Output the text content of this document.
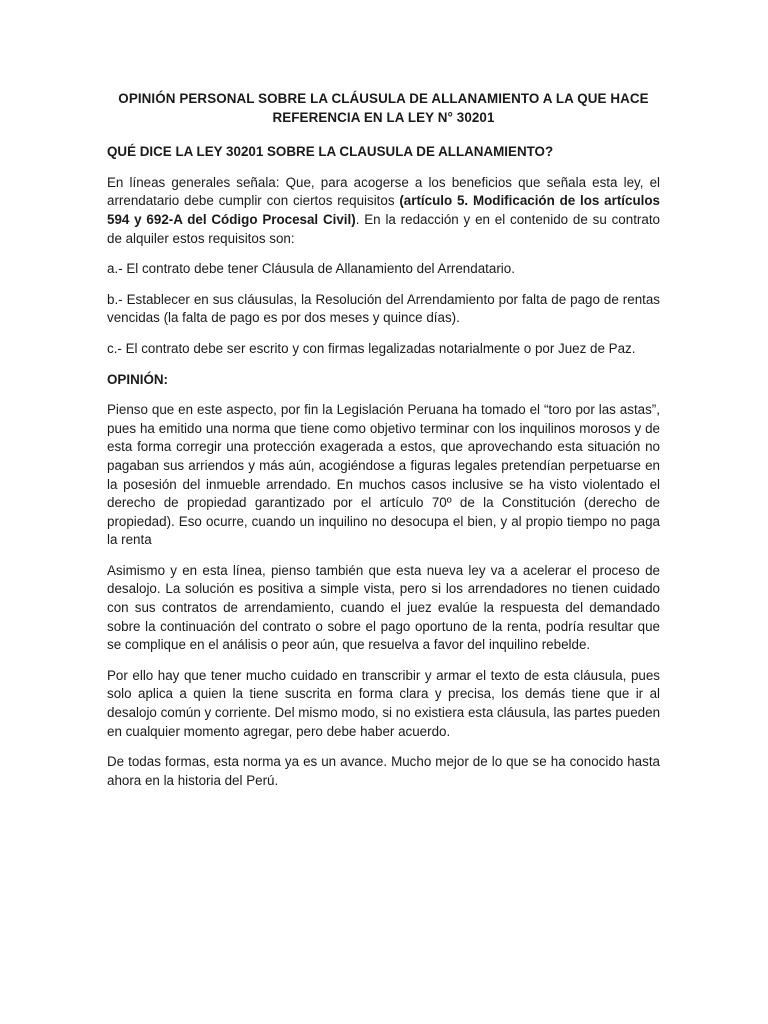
OPINIÓN PERSONAL SOBRE LA CLÁUSULA DE ALLANAMIENTO A LA QUE HACE REFERENCIA EN LA LEY N° 30201

QUÉ DICE LA LEY 30201 SOBRE LA CLAUSULA DE ALLANAMIENTO?

En líneas generales señala: Que, para acogerse a los beneficios que señala esta ley, el arrendatario debe cumplir con ciertos requisitos (artículo 5. Modificación de los artículos 594 y 692-A del Código Procesal Civil). En la redacción y en el contenido de su contrato de alquiler estos requisitos son:

a.- El contrato debe tener Cláusula de Allanamiento del Arrendatario.

b.- Establecer en sus cláusulas, la Resolución del Arrendamiento por falta de pago de rentas vencidas (la falta de pago es por dos meses y quince días).

c.- El contrato debe ser escrito y con firmas legalizadas notarialmente o por Juez de Paz.

OPINIÓN:

Pienso que en este aspecto, por fin la Legislación Peruana ha tomado el “toro por las astas”, pues ha emitido una norma que tiene como objetivo terminar con los inquilinos morosos y de esta forma corregir una protección exagerada a estos, que aprovechando esta situación no pagaban sus arriendos y más aún, acogiéndose a figuras legales pretendían perpetuarse en la posesión del inmueble arrendado. En muchos casos inclusive se ha visto violentado el derecho de propiedad garantizado por el artículo 70º de la Constitución (derecho de propiedad). Eso ocurre, cuando un inquilino no desocupa el bien, y al propio tiempo no paga la renta

Asimismo y en esta línea, pienso también que esta nueva ley va a acelerar el proceso de desalojo. La solución es positiva a simple vista, pero si los arrendadores no tienen cuidado con sus contratos de arrendamiento, cuando el juez evalúe la respuesta del demandado sobre la continuación del contrato o sobre el pago oportuno de la renta, podría resultar que se complique en el análisis o peor aún, que resuelva a favor del inquilino rebelde.

Por ello hay que tener mucho cuidado en transcribir y armar el texto de esta cláusula, pues solo aplica a quien la tiene suscrita en forma clara y precisa, los demás tiene que ir al desalojo común y corriente. Del mismo modo, si no existiera esta cláusula, las partes pueden en cualquier momento agregar, pero debe haber acuerdo.

De todas formas, esta norma ya es un avance. Mucho mejor de lo que se ha conocido hasta ahora en la historia del Perú.
